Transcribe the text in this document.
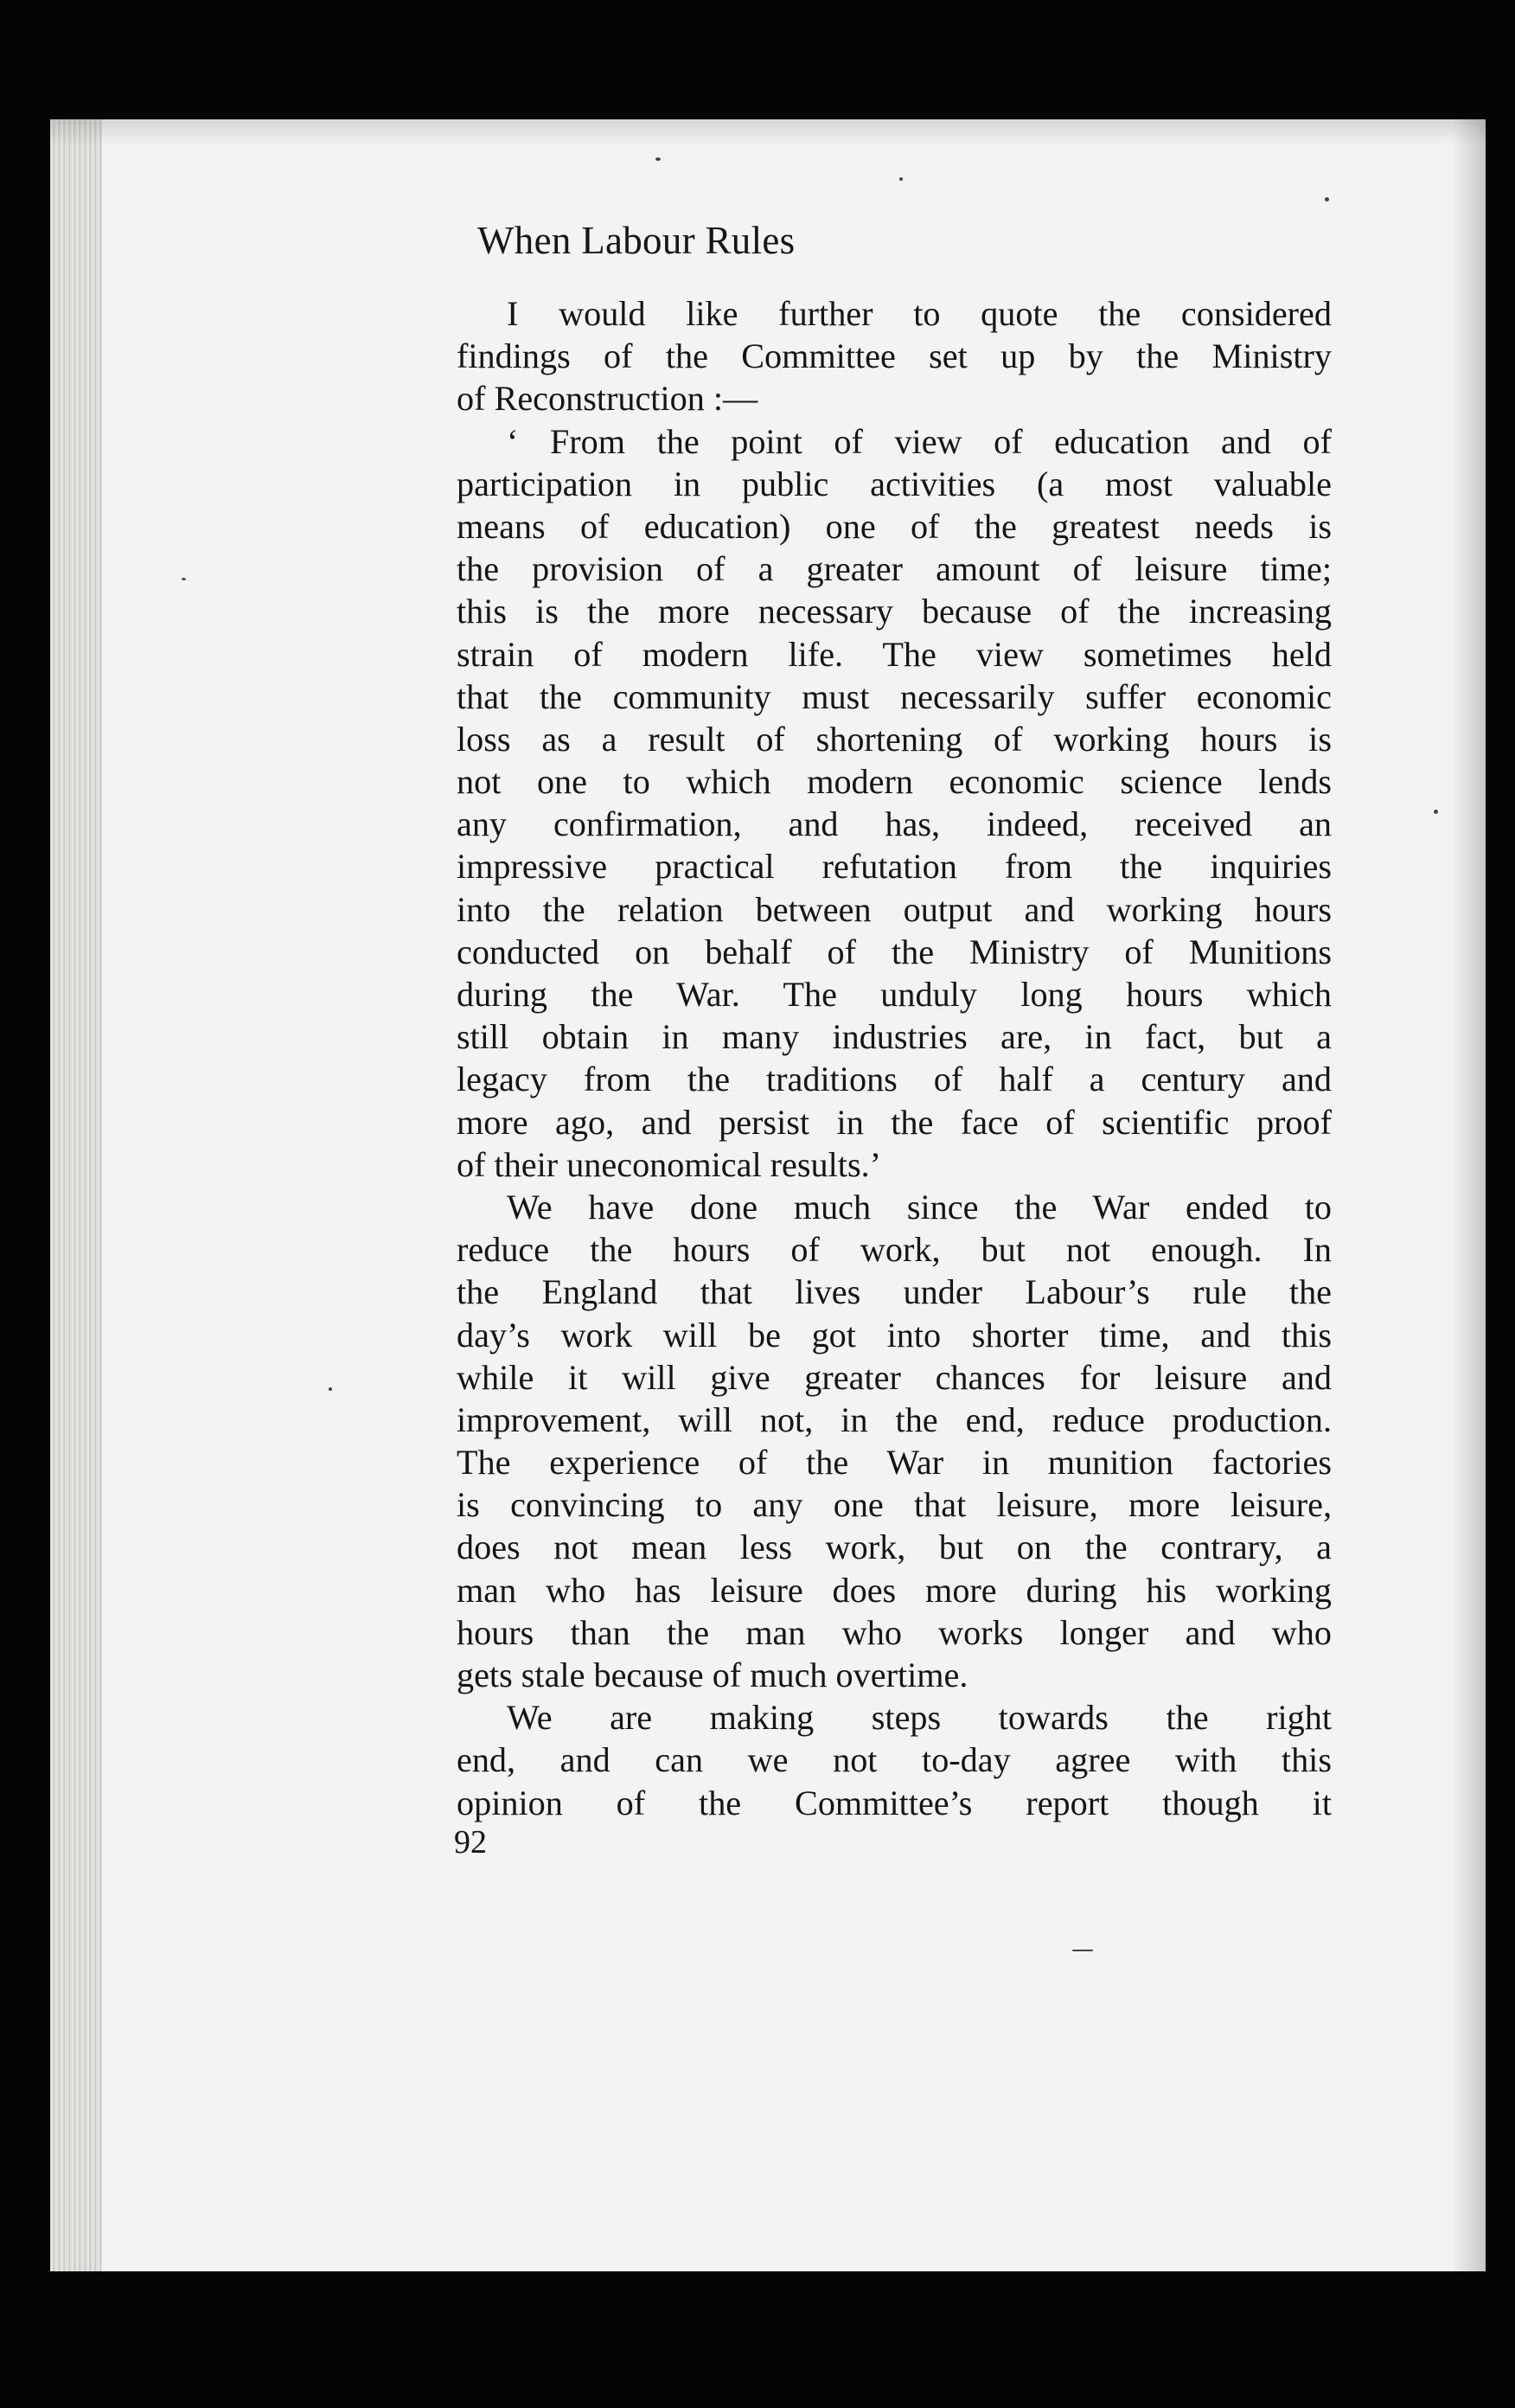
When Labour Rules
I would like further to quote the considered
findings of the Committee set up by the Ministry
of Reconstruction :—
‘ From the point of view of education and of
participation in public activities (a most valuable
means of education) one of the greatest needs is
the provision of a greater amount of leisure time;
this is the more necessary because of the increasing
strain of modern life. The view sometimes held
that the community must necessarily suffer economic
loss as a result of shortening of working hours is
not one to which modern economic science lends
any confirmation, and has, indeed, received an
impressive practical refutation from the inquiries
into the relation between output and working hours
conducted on behalf of the Ministry of Munitions
during the War. The unduly long hours which
still obtain in many industries are, in fact, but a
legacy from the traditions of half a century and
more ago, and persist in the face of scientific proof
of their uneconomical results.’
We have done much since the War ended to
reduce the hours of work, but not enough. In
the England that lives under Labour’s rule the
day’s work will be got into shorter time, and this
while it will give greater chances for leisure and
improvement, will not, in the end, reduce production.
The experience of the War in munition factories
is convincing to any one that leisure, more leisure,
does not mean less work, but on the contrary, a
man who has leisure does more during his working
hours than the man who works longer and who
gets stale because of much overtime.
We are making steps towards the right
end, and can we not to-day agree with this
opinion of the Committee’s report though it
92
